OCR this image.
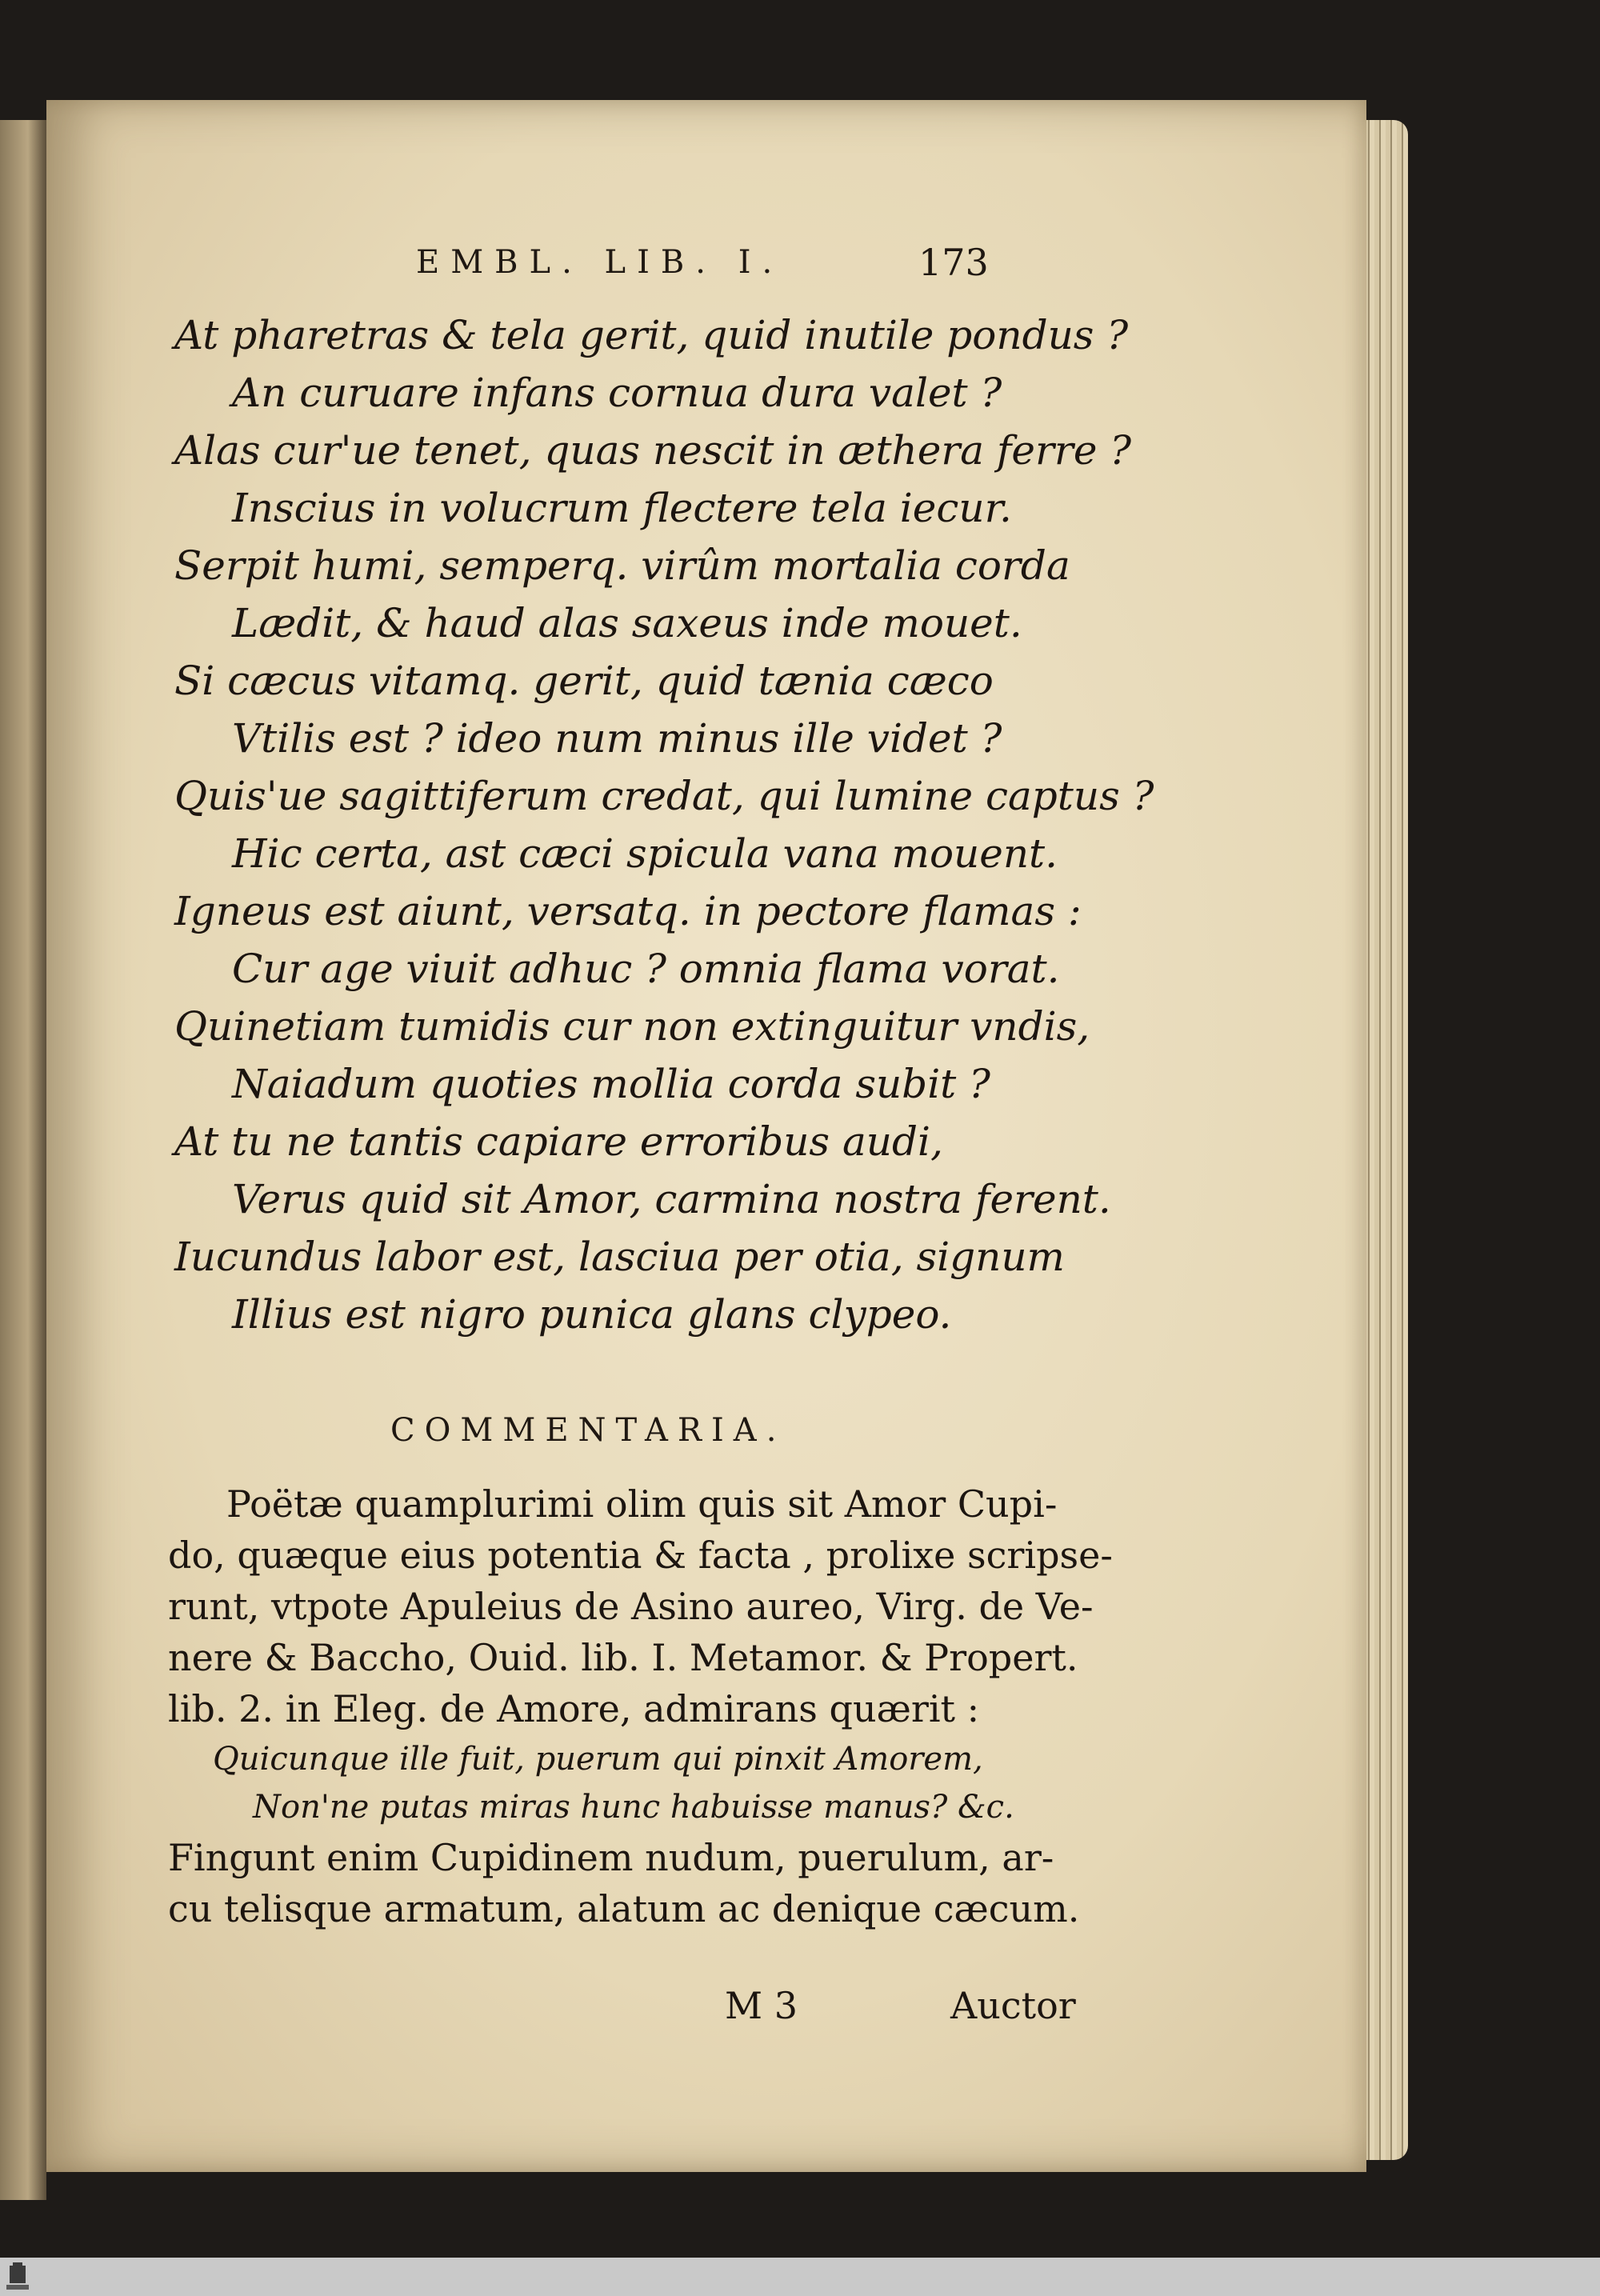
EMBL. LIB. I.	173
At pharetras & tela gerit, quid inutile pondus ?
An curuare infans cornua dura valet ?
Alas cur'ue tenet, quas nescit in æthera ferre ?
Inscius in volucrum flectere tela iecur.
Serpit humi, semperq. virûm mortalia corda
Lædit, & haud alas saxeus inde mouet.
Si cæcus vitamq. gerit, quid tænia cæco
Vtilis est ? ideo num minus ille videt ?
Quis'ue sagittiferum credat, qui lumine captus ?
Hic certa, ast cæci spicula vana mouent.
Igneus est aiunt, versatq. in pectore flamas :
Cur age viuit adhuc ? omnia flama vorat.
Quinetiam tumidis cur non extinguitur vndis,
Naiadum quoties mollia corda subit ?
At tu ne tantis capiare erroribus audi,
Verus quid sit Amor, carmina nostra ferent.
Iucundus labor est, lasciua per otia, signum
Illius est nigro punica glans clypeo.
COMMENTARIA.
Poëtæ quamplurimi olim quis sit Amor Cupi-
do, quæque eius potentia & facta , prolixe scripse-
runt, vtpote Apuleius de Asino aureo, Virg. de Ve-
nere & Baccho, Ouid. lib. I. Metamor. & Propert.
lib. 2. in Eleg. de Amore, admirans quærit :
Quicunque ille fuit, puerum qui pinxit Amorem,
Non'ne putas miras hunc habuisse manus? &c.
Fingunt enim Cupidinem nudum, puerulum, ar-
cu telisque armatum, alatum ac denique cæcum.
M 3	Auctor
